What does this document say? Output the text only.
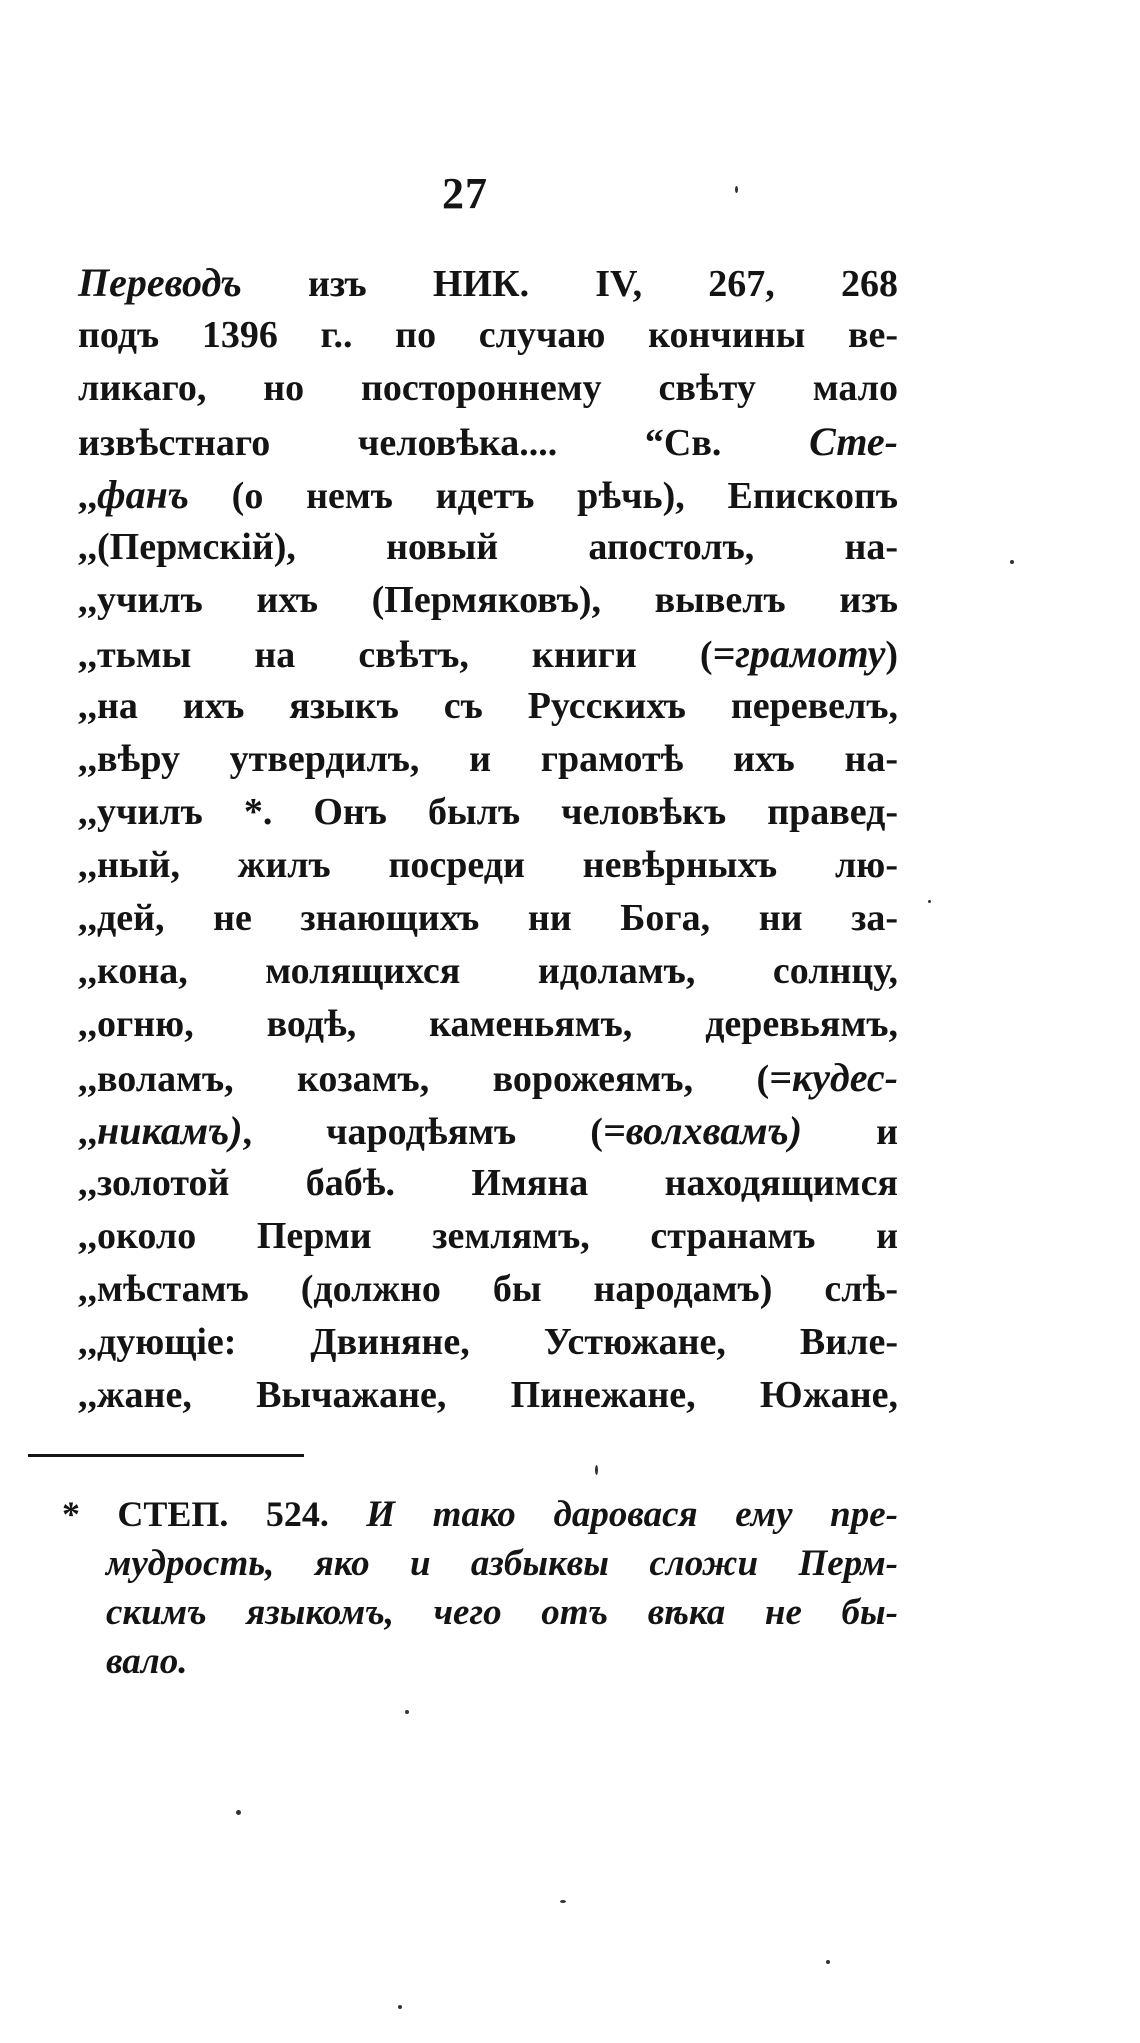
27
Переводъ изъ НИК. IV, 267, 268
подъ 1396 г.. по случаю кончины ве-
ликаго, но постороннему свѣту мало
извѣстнаго человѣка.... “Св. Сте-
,,фанъ (о немъ идетъ рѣчь), Епископъ
,,(Пермскій), новый апостолъ, на-
,,училъ ихъ (Пермяковъ), вывелъ изъ
,,тьмы на свѣтъ, книги (=грамоту)
,,на ихъ языкъ съ Русскихъ перевелъ,
,,вѣру утвердилъ, и грамотѣ ихъ на-
,,училъ *. Онъ былъ человѣкъ правед-
,,ный, жилъ посреди невѣрныхъ лю-
,,дей, не знающихъ ни Бога, ни за-
,,кона, молящихся идоламъ, солнцу,
,,огню, водѣ, каменьямъ, деревьямъ,
,,воламъ, козамъ, ворожеямъ, (=кудес-
,,никамъ), чародѣямъ (=волхвамъ) и
,,золотой бабѣ. Имяна находящимся
,,около Перми землямъ, странамъ и
,,мѣстамъ (должно бы народамъ) слѣ-
,,дующіе: Двиняне, Устюжане, Виле-
,,жане, Вычажане, Пинежане, Южане,
* СТЕП. 524. И тако даровася ему пре-
мудрость, яко и азбыквы сложи Перм-
скимъ языкомъ, чего отъ вѣка не бы-
вало.
